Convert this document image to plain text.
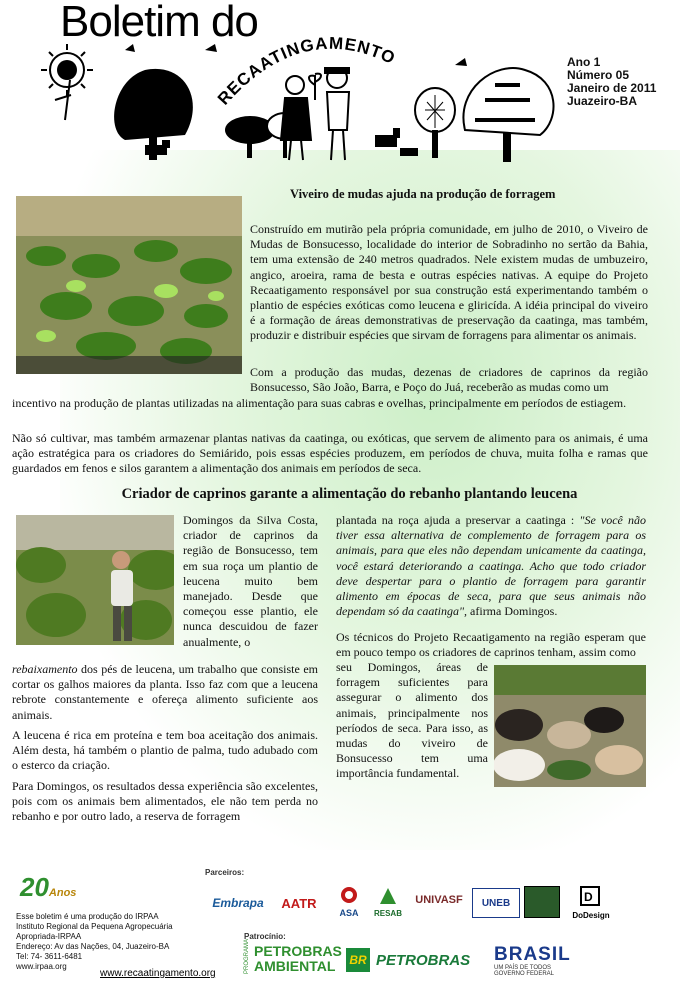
Boletim do
RECAATINGAMENTO	Ano 1
Número 05
Janeiro de 2011
Juazeiro-BA
Viveiro de mudas ajuda na produção de forragem
Construído em mutirão pela própria comunidade, em julho de 2010, o Viveiro de Mudas de Bonsucesso, localidade do interior de Sobradinho no sertão da Bahia, tem uma extensão de 240 metros quadrados. Nele existem mudas de umbuzeiro, angico, aroeira, rama de besta e outras espécies nativas. A equipe do Projeto Recaatigamento responsável por sua construção está experimentando também o plantio de espécies exóticas como leucena e gliricída. A idéia principal do viveiro é a formação de áreas demonstrativas de preservação da caatinga, mas também, produzir e distribuir espécies que sirvam de forragens para alimentar os animais.
Com a produção das mudas, dezenas de criadores de caprinos da região Bonsucesso, São João, Barra, e Poço do Juá, receberão as mudas como um
incentivo na produção de plantas utilizadas na alimentação para suas cabras e ovelhas, principalmente em períodos de estiagem.
Não só cultivar, mas também armazenar plantas nativas da caatinga, ou exóticas, que servem de alimento para os animais, é uma ação estratégica para os criadores do Semiárido, pois essas espécies produzem, em períodos de chuva, muita folha e ramas que guardados em fenos e silos garantem a alimentação dos animais em períodos de seca.
Criador de caprinos garante a alimentação do rebanho plantando leucena
Domingos da Silva Costa, criador de caprinos da região de Bonsucesso, tem em sua roça um plantio de leucena muito bem manejado. Desde que começou esse plantio, ele nunca descuidou de fazer anualmente, o
rebaixamento dos pés de leucena, um trabalho que consiste em cortar os galhos maiores da planta. Isso faz com que a leucena rebrote constantemente e ofereça alimento suficiente aos animais.
A leucena é rica em proteína e tem boa aceitação dos animais. Além desta, há também o plantio de palma, tudo adubado com o esterco da criação.
Para Domingos, os resultados dessa experiência são excelentes, pois com os animais bem alimentados, ele não tem perda no rebanho e por outro lado, a reserva de forragem
plantada na roça ajuda a preservar a caatinga : "Se você não tiver essa alternativa de complemento de forragem para os animais, para que eles não dependam unicamente da caatinga, você estará deteriorando a caatinga. Acho que todo criador deve despertar para o plantio de forragem para garantir alimento em épocas de seca, para que seus animais não dependam só da caatinga", afirma Domingos.
Os técnicos do Projeto Recaatigamento na região esperam que em pouco tempo os criadores de caprinos tenham, assim como
seu Domingos, áreas de forragem suficientes para assegurar o alimento dos animais, principalmente nos períodos de seca. Para isso, as mudas do viveiro de Bonsucesso tem uma importância fundamental.
20Anos
Esse boletim é uma produção do IRPAA
Instituto Regional da Pequena Agropecuária
Apropriada-IRPAA
Endereço: Av das Nações, 04, Juazeiro-BA
Tel: 74- 3611-6481
www.irpaa.org
www.recaatingamento.org
Parceiros:
Embrapa	AATR
ASA RESAB
UNIVASF	UNEB	D
DoDesign
Patrocínio:
PROGRAMA PETROBRAS AMBIENTAL BR PETROBRAS BRASIL
UM PAÍS DE TODOS
GOVERNO FEDERAL
